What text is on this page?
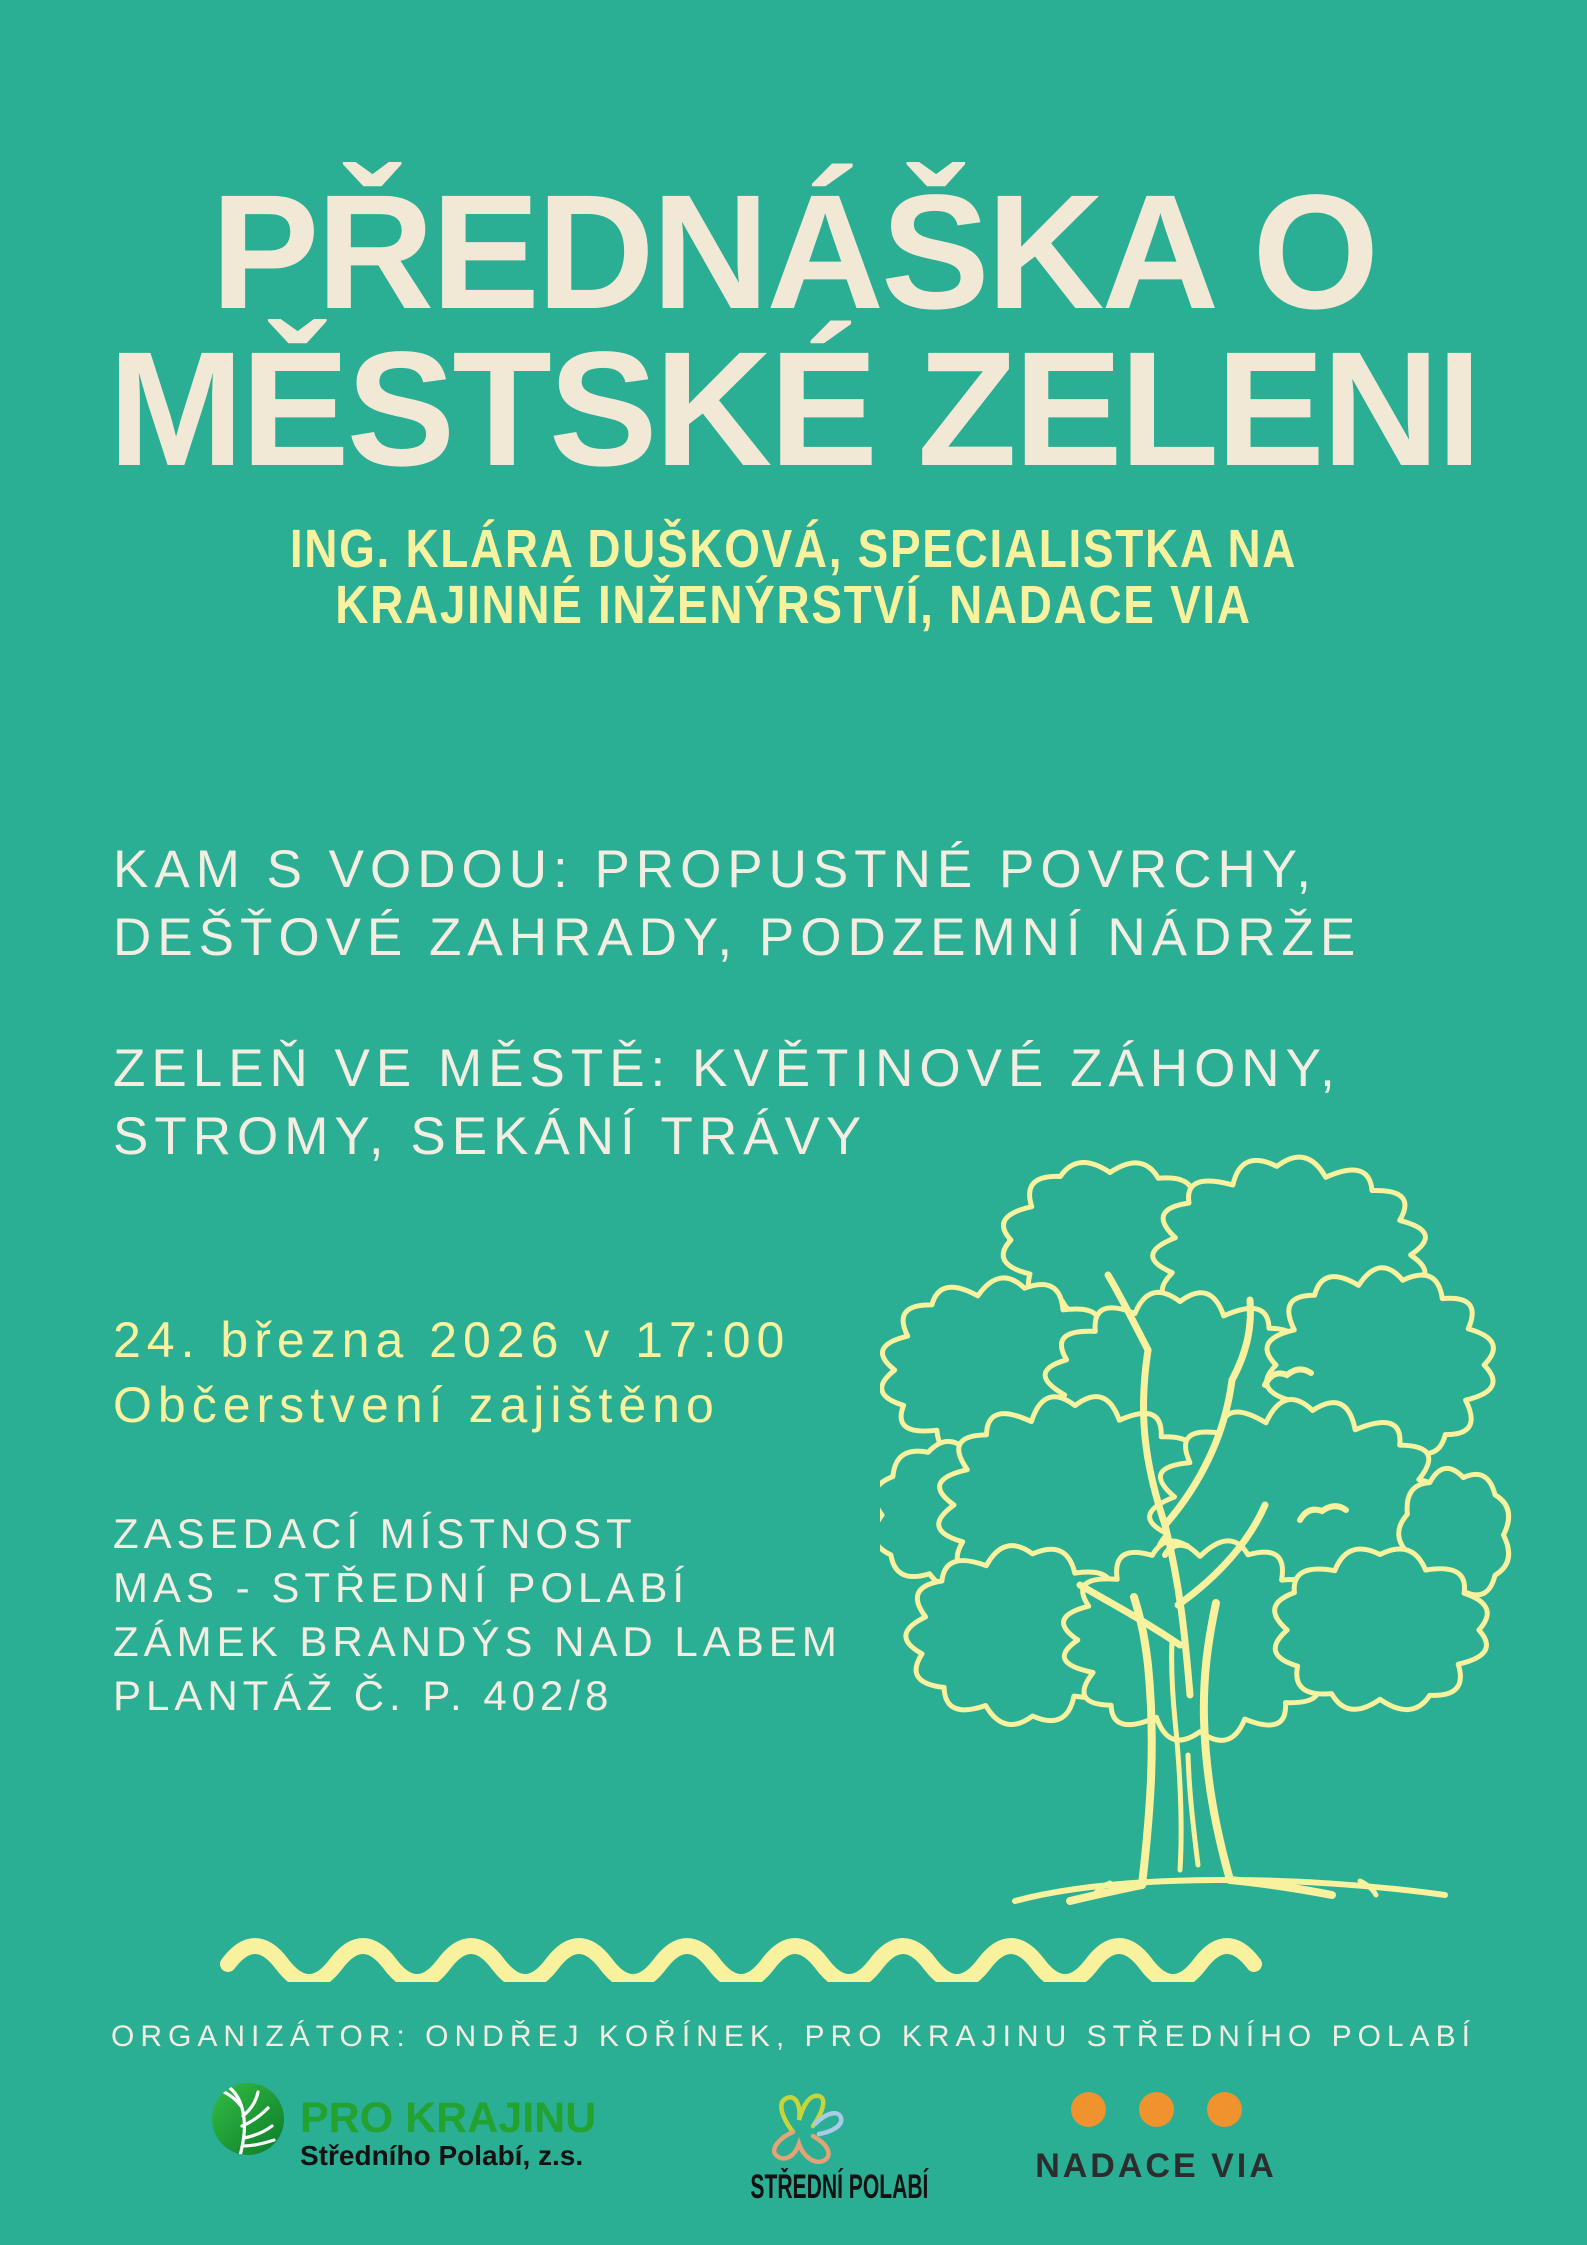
PŘEDNÁŠKA O
MĚSTSKÉ ZELENI
ING. KLÁRA DUŠKOVÁ, SPECIALISTKA NA
KRAJINNÉ INŽENÝRSTVÍ, NADACE VIA
KAM S VODOU: PROPUSTNÉ POVRCHY,
DEŠŤOVÉ ZAHRADY, PODZEMNÍ NÁDRŽE
ZELEŇ VE MĚSTĚ: KVĚTINOVÉ ZÁHONY,
STROMY, SEKÁNÍ TRÁVY
24. března 2026 v 17:00
Občerstvení zajištěno
ZASEDACÍ MÍSTNOST
MAS - STŘEDNÍ POLABÍ
ZÁMEK BRANDÝS NAD LABEM
PLANTÁŽ Č. P. 402/8
ORGANIZÁTOR: ONDŘEJ KOŘÍNEK, PRO KRAJINU STŘEDNÍHO POLABÍ
PRO KRAJINU
Středního Polabí, z.s.
STŘEDNÍ POLABÍ
NADACE VIA
